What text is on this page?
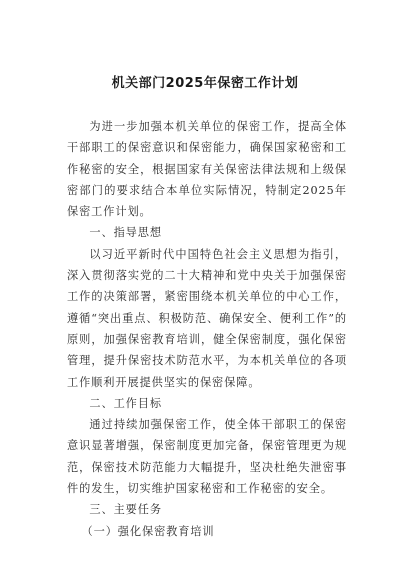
机关部门2025年保密工作计划

为进一步加强本机关单位的保密工作，提高全体干部职工的保密意识和保密能力，确保国家秘密和工作秘密的安全，根据国家有关保密法律法规和上级保密部门的要求结合本单位实际情况，特制定2025年保密工作计划。

一、指导思想

以习近平新时代中国特色社会主义思想为指引，深入贯彻落实党的二十大精神和党中央关于加强保密工作的决策部署，紧密围绕本机关单位的中心工作，遵循“突出重点、积极防范、确保安全、便利工作”的原则，加强保密教育培训，健全保密制度，强化保密管理，提升保密技术防范水平，为本机关单位的各项工作顺利开展提供坚实的保密保障。

二、工作目标

通过持续加强保密工作，使全体干部职工的保密意识显著增强，保密制度更加完备，保密管理更为规范，保密技术防范能力大幅提升，坚决杜绝失泄密事件的发生，切实维护国家秘密和工作秘密的安全。

三、主要任务

（一）强化保密教育培训
